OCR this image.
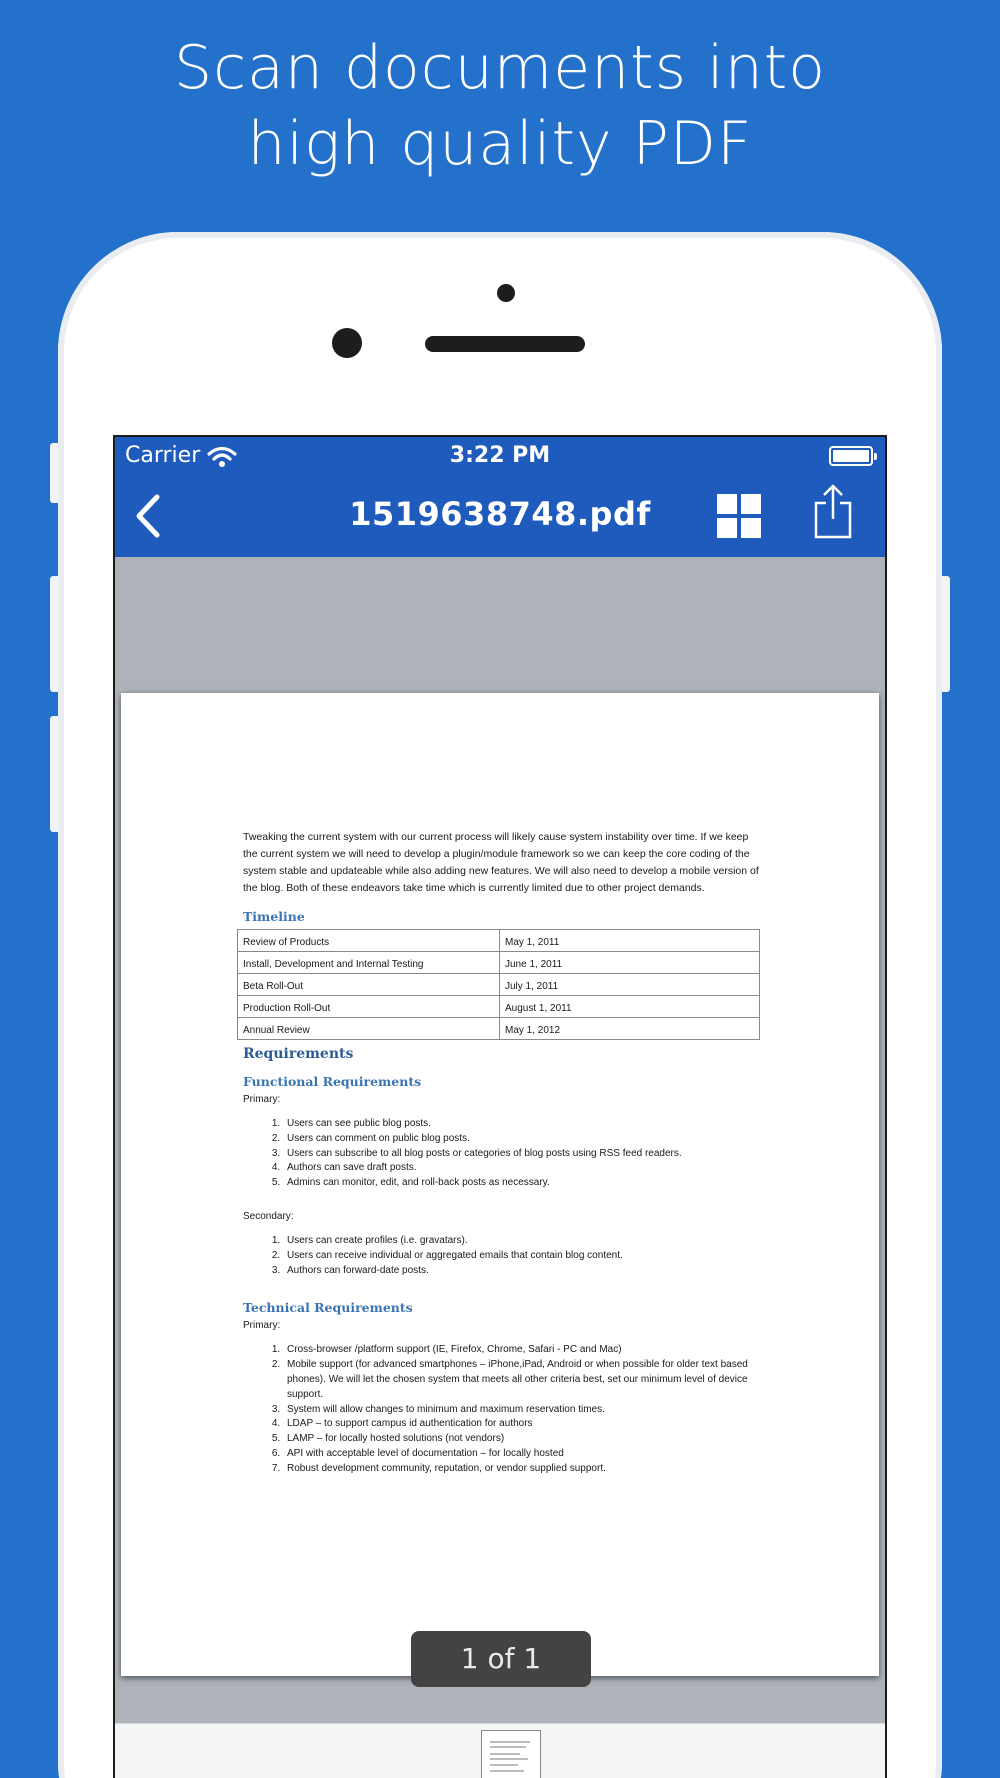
Scan documents into
high quality PDF
Carrier	3:22 PM
1519638748.pdf

Tweaking the current system with our current process will likely cause system instability over time. If we keep the current system we will need to develop a plugin/module framework so we can keep the core coding of the system stable and updateable while also adding new features. We will also need to develop a mobile version of the blog. Both of these endeavors take time which is currently limited due to other project demands.

Timeline
Review of Products	May 1, 2011
Install, Development and Internal Testing	June 1, 2011
Beta Roll-Out	July 1, 2011
Production Roll-Out	August 1, 2011
Annual Review	May 1, 2012
Requirements
Functional Requirements
Primary:
1. Users can see public blog posts.
2. Users can comment on public blog posts.
3. Users can subscribe to all blog posts or categories of blog posts using RSS feed readers.
4. Authors can save draft posts.
5. Admins can monitor, edit, and roll-back posts as necessary.
Secondary:
1. Users can create profiles (i.e. gravatars).
2. Users can receive individual or aggregated emails that contain blog content.
3. Authors can forward-date posts.
Technical Requirements
Primary:
1. Cross-browser /platform support (IE, Firefox, Chrome, Safari - PC and Mac)
2. Mobile support (for advanced smartphones – iPhone,iPad, Android or when possible for older text based phones). We will let the chosen system that meets all other criteria best, set our minimum level of device support.
3. System will allow changes to minimum and maximum reservation times.
4. LDAP – to support campus id authentication for authors
5. LAMP – for locally hosted solutions (not vendors)
6. API with acceptable level of documentation – for locally hosted
7. Robust development community, reputation, or vendor supplied support.
1 of 1
